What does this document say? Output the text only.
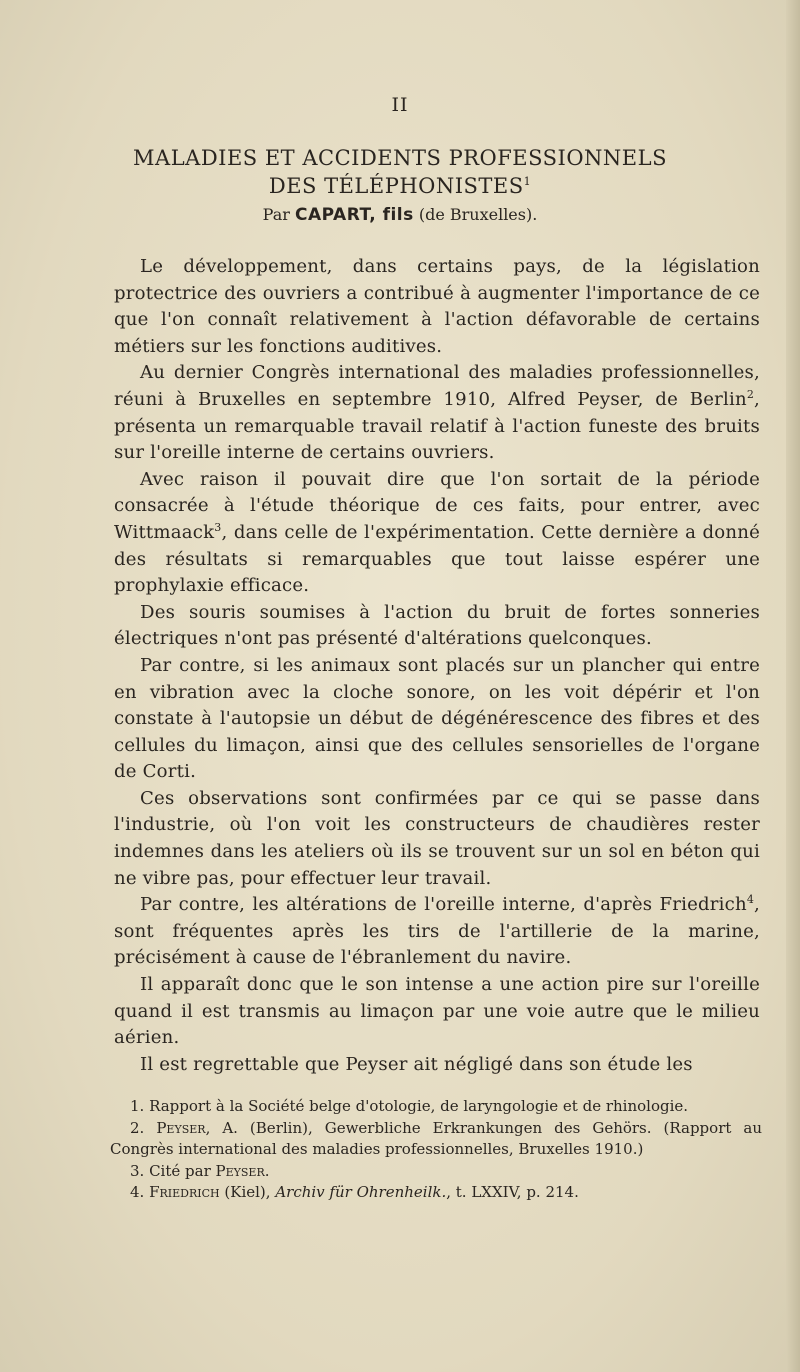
II
MALADIES ET ACCIDENTS PROFESSIONNELS
DES TÉLÉPHONISTES$^1$
Par CAPART, fils (de Bruxelles).

Le développement, dans certains pays, de la législation protectrice des ouvriers a contribué à augmenter l'importance de ce que l'on connaît relativement à l'action défavorable de certains métiers sur les fonctions auditives.

Au dernier Congrès international des maladies professionnelles, réuni à Bruxelles en septembre 1910, Alfred Peyser, de Berlin$^2$, présenta un remarquable travail relatif à l'action funeste des bruits sur l'oreille interne de certains ouvriers.

Avec raison il pouvait dire que l'on sortait de la période consacrée à l'étude théorique de ces faits, pour entrer, avec Wittmaack$^3$, dans celle de l'expérimentation. Cette dernière a donné des résultats si remarquables que tout laisse espérer une prophylaxie efficace.

Des souris soumises à l'action du bruit de fortes sonneries électriques n'ont pas présenté d'altérations quelconques.

Par contre, si les animaux sont placés sur un plancher qui entre en vibration avec la cloche sonore, on les voit dépérir et l'on constate à l'autopsie un début de dégénérescence des fibres et des cellules du limaçon, ainsi que des cellules sensorielles de l'organe de Corti.

Ces observations sont confirmées par ce qui se passe dans l'industrie, où l'on voit les constructeurs de chaudières rester indemnes dans les ateliers où ils se trouvent sur un sol en béton qui ne vibre pas, pour effectuer leur travail.

Par contre, les altérations de l'oreille interne, d'après Friedrich$^4$, sont fréquentes après les tirs de l'artillerie de la marine, précisément à cause de l'ébranlement du navire.

Il apparaît donc que le son intense a une action pire sur l'oreille quand il est transmis au limaçon par une voie autre que le milieu aérien.

Il est regrettable que Peyser ait négligé dans son étude les

1. Rapport à la Société belge d'otologie, de laryngologie et de rhinologie.

2. Peyser, A. (Berlin), Gewerbliche Erkrankungen des Gehörs. (Rapport au Congrès international des maladies professionnelles, Bruxelles 1910.)

3. Cité par Peyser.

4. Friedrich (Kiel), Archiv für Ohrenheilk., t. LXXIV, p. 214.
